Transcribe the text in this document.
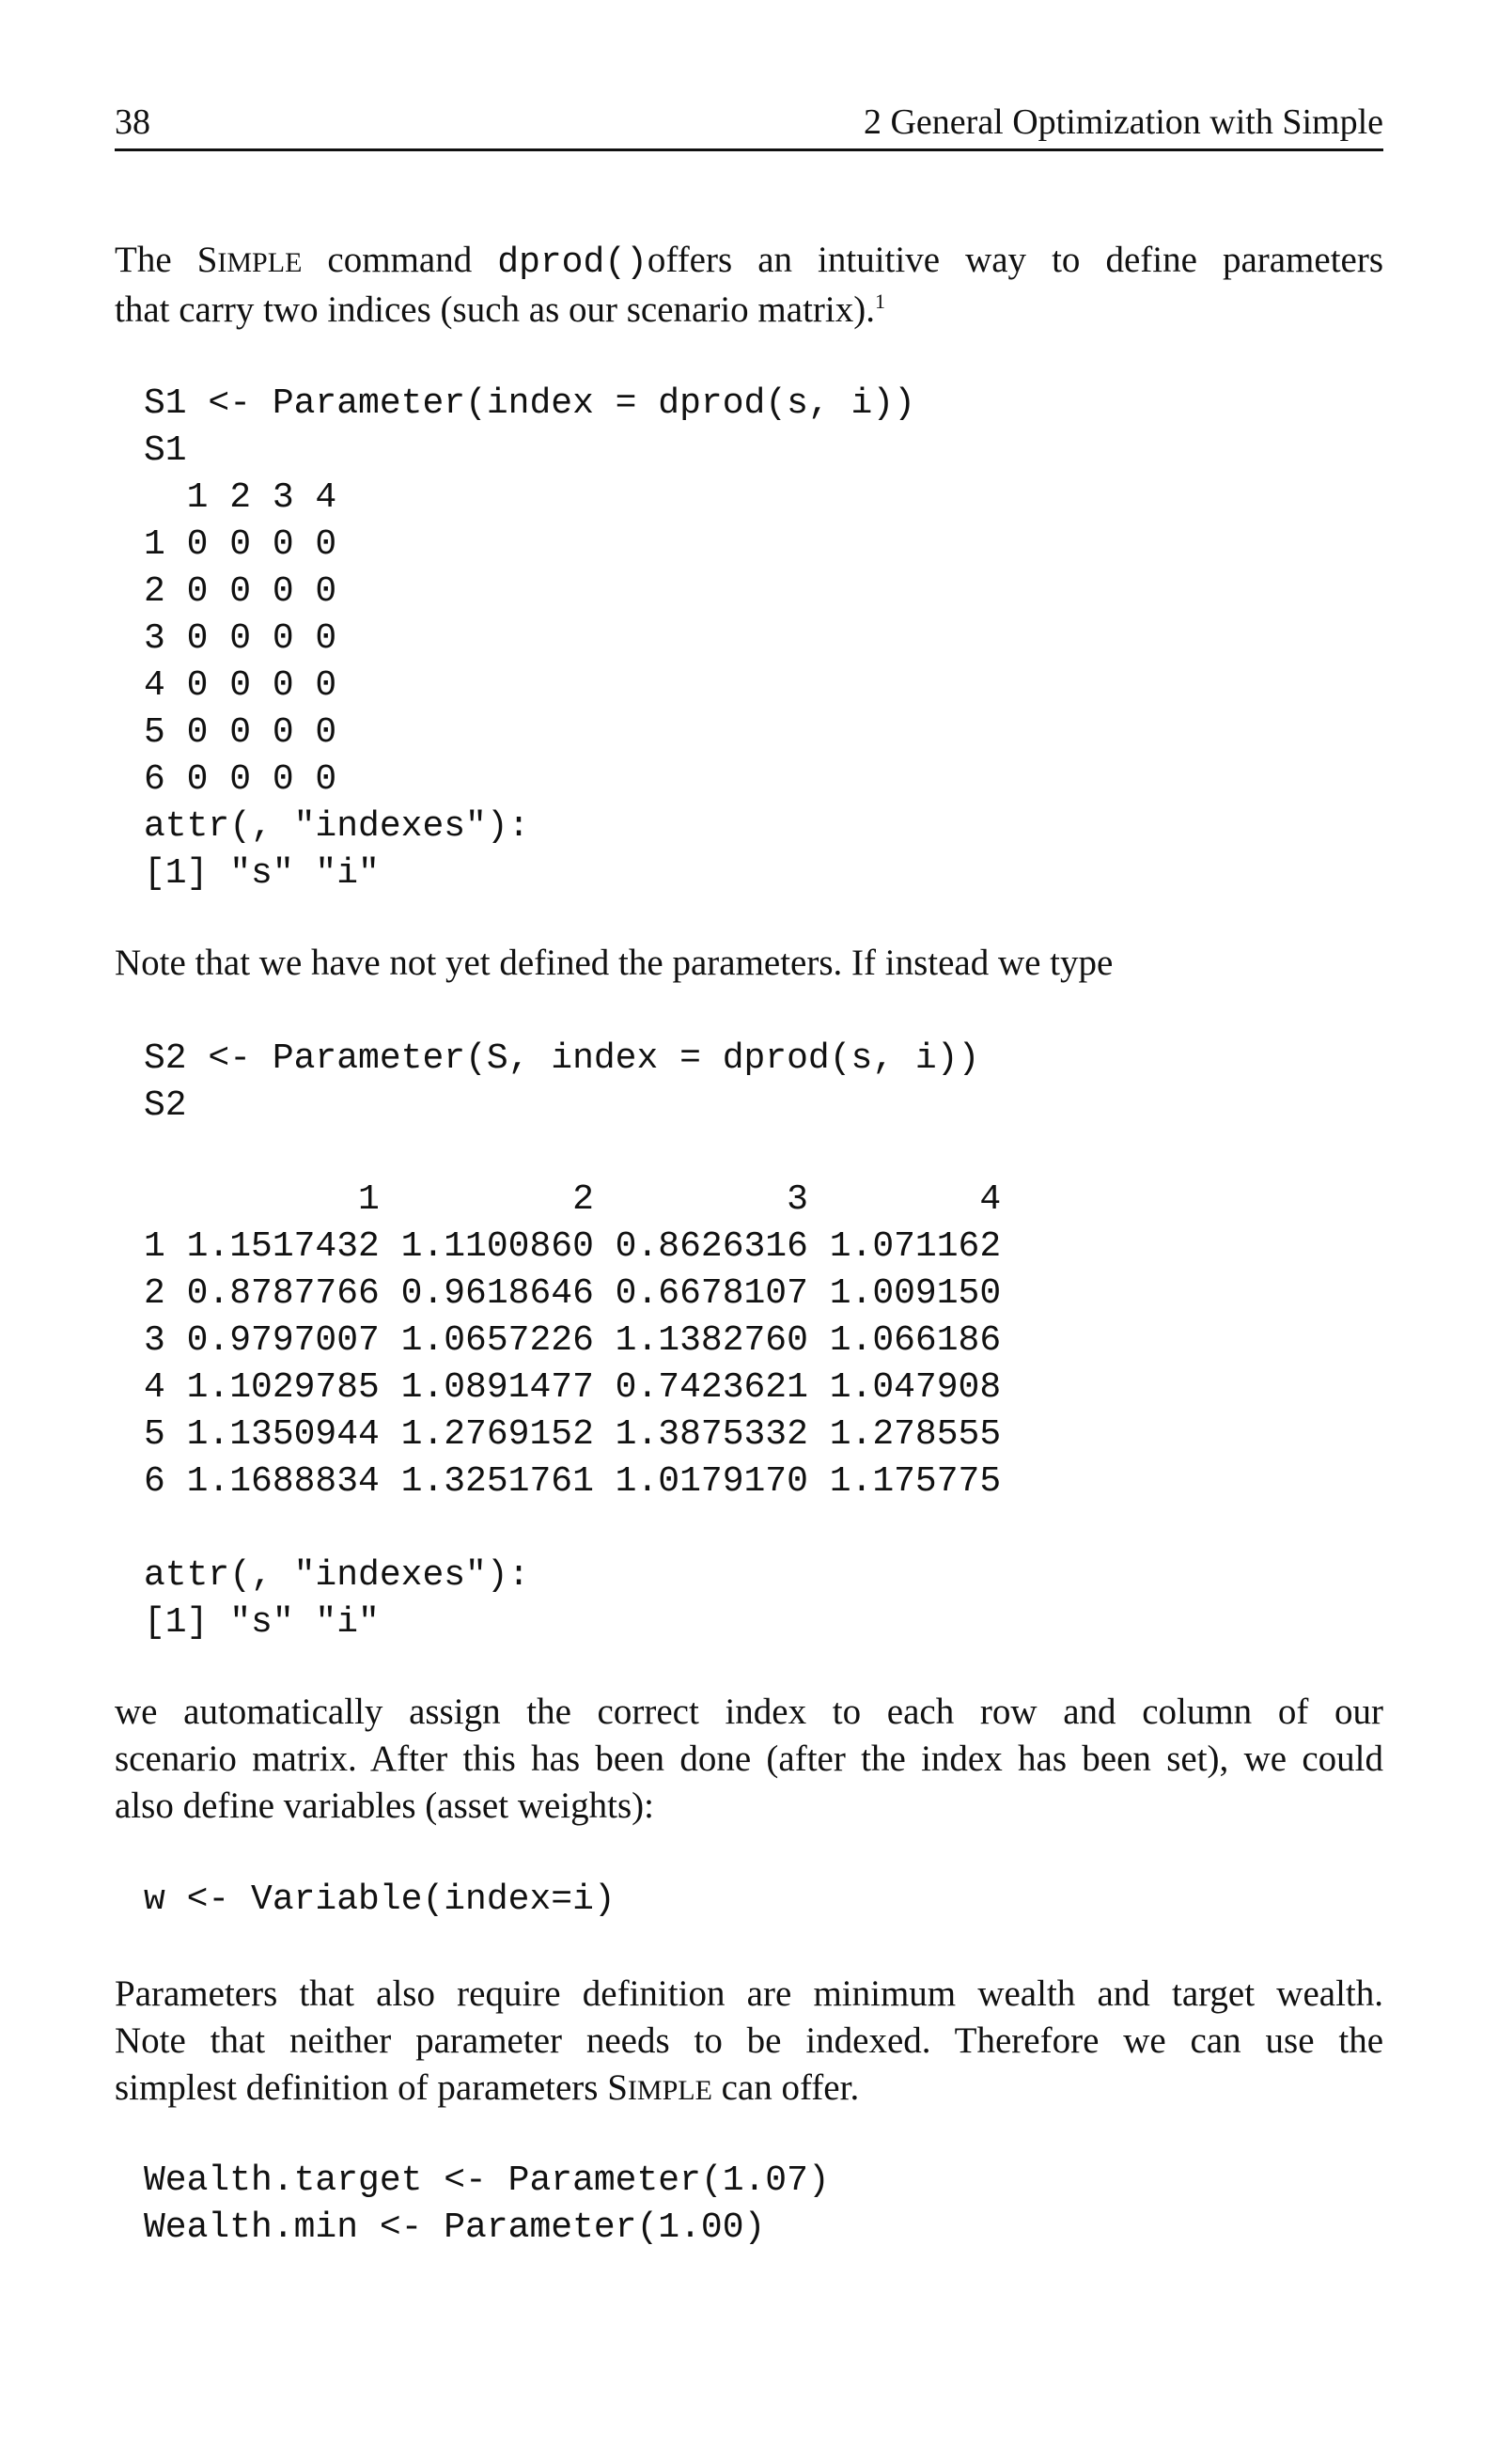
38	2 General Optimization with Simple

The SIMPLE command dprod()offers an intuitive way to define parameters
that carry two indices (such as our scenario matrix).$^1$

S1 <- Parameter(index = dprod(s, i))
S1
1 2 3 4
1 0 0 0 0
2 0 0 0 0
3 0 0 0 0
4 0 0 0 0
5 0 0 0 0
6 0 0 0 0
attr(, "indexes"):
[1] "s" "i"

Note that we have not yet defined the parameters. If instead we type

S2 <- Parameter(S, index = dprod(s, i))
S2
1         2         3        4
1 1.1517432 1.1100860 0.8626316 1.071162
2 0.8787766 0.9618646 0.6678107 1.009150
3 0.9797007 1.0657226 1.1382760 1.066186
4 1.1029785 1.0891477 0.7423621 1.047908
5 1.1350944 1.2769152 1.3875332 1.278555
6 1.1688834 1.3251761 1.0179170 1.175775
attr(, "indexes"):
[1] "s" "i"

we automatically assign the correct index to each row and column of our
scenario matrix. After this has been done (after the index has been set), we could
also define variables (asset weights):

w <- Variable(index=i)

Parameters that also require definition are minimum wealth and target wealth.
Note that neither parameter needs to be indexed. Therefore we can use the
simplest definition of parameters SIMPLE can offer.

Wealth.target <- Parameter(1.07)
Wealth.min <- Parameter(1.00)
